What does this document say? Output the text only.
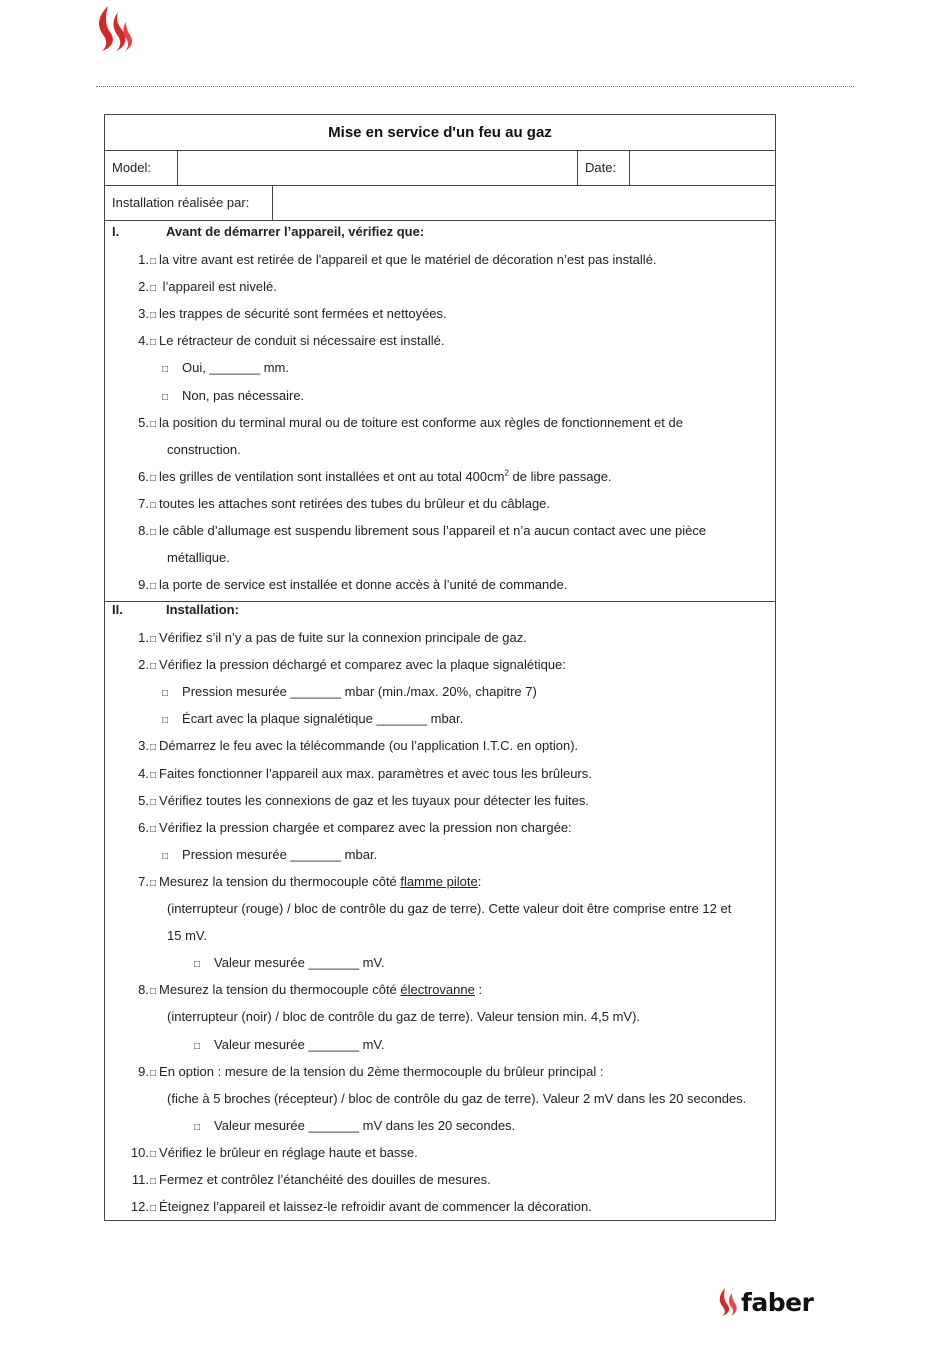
Mise en service d'un feu au gaz
Model:	Date:
Installation réalisée par:
I.	Avant de démarrer l’appareil, vérifiez que:
1.□ la vitre avant est retirée de l'appareil et que le matériel de décoration n’est pas installé.
2.□ l’appareil est nivelé.
3.□ les trappes de sécurité sont fermées et nettoyées.
4.□ Le rétracteur de conduit si nécessaire est installé.
□ Oui, _______ mm.
□ Non, pas nécessaire.
5.□ la position du terminal mural ou de toiture est conforme aux règles de fonctionnement et de
construction.
6.□ les grilles de ventilation sont installées et ont au total $400cm^2$ de libre passage.
7.□ toutes les attaches sont retirées des tubes du brûleur et du câblage.
8.□ le câble d’allumage est suspendu librement sous l’appareil et n’a aucun contact avec une pièce
métallique.
9.□ la porte de service est installée et donne accès à l’unité de commande.
II.	Installation:
1.□ Vérifiez s’il n’y a pas de fuite sur la connexion principale de gaz.
2.□ Vérifiez la pression déchargé et comparez avec la plaque signalétique:
□ Pression mesurée _______ mbar (min./max. 20%, chapitre 7)
□ Écart avec la plaque signalétique _______ mbar.
3.□ Démarrez le feu avec la télécommande (ou l’application I.T.C. en option).
4.□ Faites fonctionner l’appareil aux max. paramètres et avec tous les brûleurs.
5.□ Vérifiez toutes les connexions de gaz et les tuyaux pour détecter les fuites.
6.□ Vérifiez la pression chargée et comparez avec la pression non chargée:
□ Pression mesurée _______ mbar.
7.□ Mesurez la tension du thermocouple côté flamme pilote:
(interrupteur (rouge) / bloc de contrôle du gaz de terre). Cette valeur doit être comprise entre 12 et
15 mV.
□ Valeur mesurée _______ mV.
8.□ Mesurez la tension du thermocouple côté électrovanne :
(interrupteur (noir) / bloc de contrôle du gaz de terre). Valeur tension min. 4,5 mV).
□ Valeur mesurée _______ mV.
9.□ En option : mesure de la tension du 2ème thermocouple du brûleur principal :
(fiche à 5 broches (récepteur) / bloc de contrôle du gaz de terre). Valeur 2 mV dans les 20 secondes.
□ Valeur mesurée _______ mV dans les 20 secondes.
10.□ Vérifiez le brûleur en réglage haute et basse.
11.□ Fermez et contrôlez l’étanchéité des douilles de mesures.
12.□ Éteignez l’appareil et laissez-le refroidir avant de commencer la décoration.
faber
